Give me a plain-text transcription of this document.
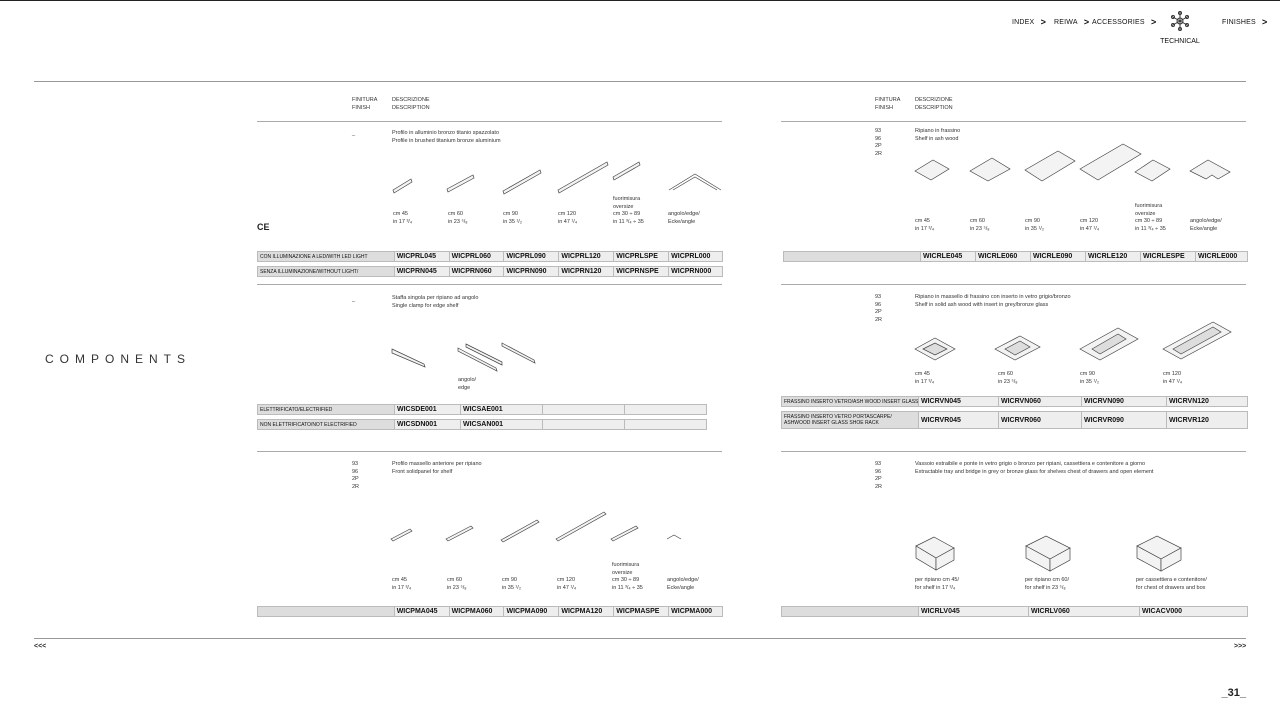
INDEX
> REIWA
> ACCESSORIES
>
TECHNICAL
FINISHES
>
COMPONENTS
CE
FINITURA
FINISH
DESCRIZIONE
DESCRIPTION
_	Profilo in alluminio bronzo titanio spazzolato
Profile in brushed titanium bronze aluminium
cm 45
in 17 ³/₄
cm 60
in 23 ⁵/₈
cm 90
in 35 ¹/₂
cm 120
in 47 ¹/₄
fuorimisura
oversize
cm 30 ÷ 89
in 11 ³/₄ ÷ 35
angolo/edge/
Ecke/angle
CON ILLUMINAZIONE A LED/WITH LED LIGHT	WICPRL045	WICPRL060	WICPRL090	WICPRL120	WICPRLSPE	WICPRL000
SENZA ILLUMINAZIONE/WITHOUT LIGHT/	WICPRN045	WICPRN060	WICPRN090	WICPRN120	WICPRNSPE	WICPRN000
_	Staffa singola per ripiano ad angolo
Single clamp for edge shelf
angolo/
edge
ELETTRIFICATO/ELECTRIFIED	WICSDE001	WICSAE001
NON ELETTRIFICATO/NOT ELECTRIFIED	WICSDN001	WICSAN001
93
96
2P
2R
Profilo massello anteriore per ripiano
Front solidpanel for shelf
cm 45
in 17 ³/₄
cm 60
in 23 ⁵/₈
cm 90
in 35 ¹/₂
cm 120
in 47 ¹/₄
fuorimisura
oversize
cm 30 ÷ 89
in 11 ³/₄ ÷ 35
angolo/edge/
Ecke/angle
WICPMA045	WICPMA060	WICPMA090	WICPMA120	WICPMASPE	WICPMA000
FINITURA
FINISH
DESCRIZIONE
DESCRIPTION
93
96
2P
2R
Ripiano in frassino
Shelf in ash wood
cm 45
in 17 ³/₄
cm 60
in 23 ⁵/₈
cm 90
in 35 ¹/₂
cm 120
in 47 ¹/₄
fuorimisura
oversize
cm 30 ÷ 89
in 11 ³/₄ ÷ 35
angolo/edge/
Ecke/angle
WICRLE045	WICRLE060	WICRLE090	WICRLE120	WICRLESPE	WICRLE000
93
96
2P
2R
Ripiano in massello di frassino con inserto in vetro grigio/bronzo
Shelf in solid ash wood with insert in grey/bronze glass
cm 45
in 17 ³/₄
cm 60
in 23 ⁵/₈
cm 90
in 35 ¹/₂
cm 120
in 47 ¹/₄
FRASSINO INSERTO VETRO/ASH WOOD INSERT GLASS WICRVN045	WICRVN060	WICRVN090	WICRVN120
FRASSINO INSERTO VETRO PORTASCARPE/ ASHWOOD INSERT GLASS SHOE RACK	WICRVR045	WICRVR060	WICRVR090	WICRVR120
93
96
2P
2R
Vassoio estraibile e ponte in vetro grigio o bronzo per ripiani, cassettiera e contenitore a giorno
Extractable tray and bridge in grey or bronze glass for shelves chest of drawers and open element
per ripiano cm 45/
for shelf in 17 ³/₄
per ripiano cm 60/
for shelf in 23 ⁵/₈
per cassettiera e contenitore/
for chest of drawers and box
WICRLV045	WICRLV060	WICACV000
<<<	>>>
_31_
